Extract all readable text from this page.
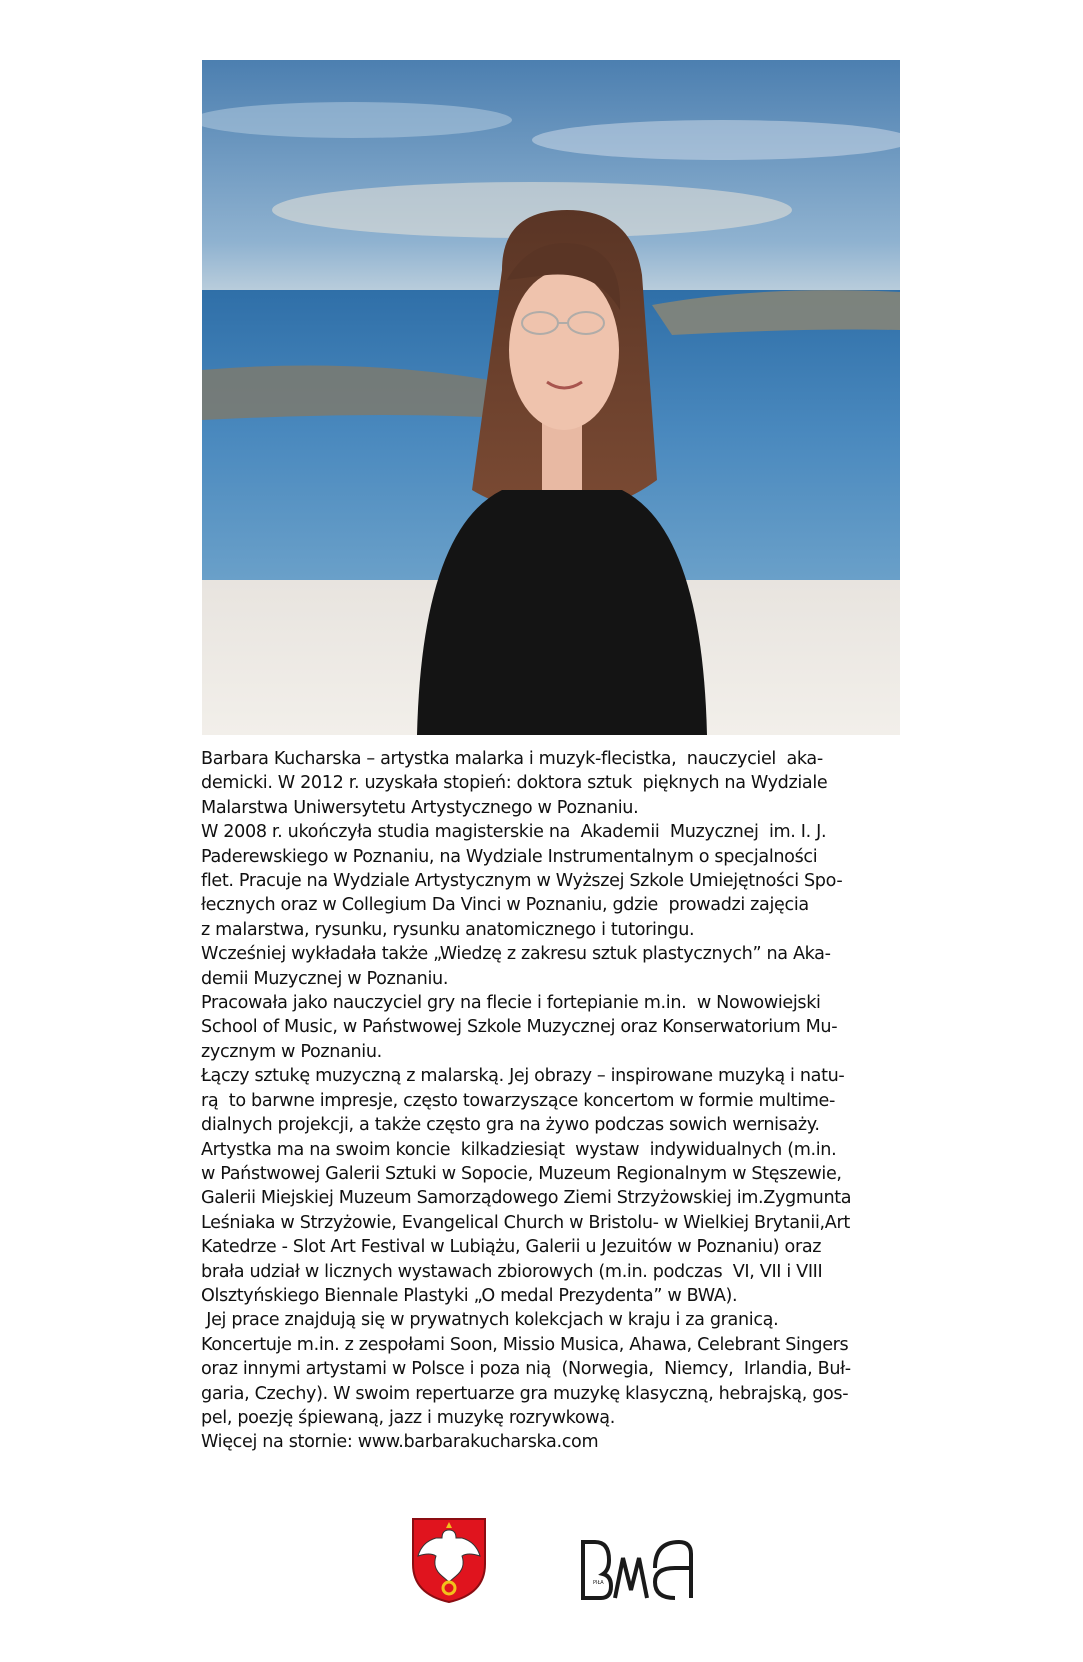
Barbara Kucharska – artystka malarka i muzyk-flecistka,  nauczyciel  aka-
demicki. W 2012 r. uzyskała stopień: doktora sztuk  pięknych na Wydziale
Malarstwa Uniwersytetu Artystycznego w Poznaniu.
W 2008 r. ukończyła studia magisterskie na  Akademii  Muzycznej  im. I. J.
Paderewskiego w Poznaniu, na Wydziale Instrumentalnym o specjalności
flet. Pracuje na Wydziale Artystycznym w Wyższej Szkole Umiejętności Spo-
łecznych oraz w Collegium Da Vinci w Poznaniu, gdzie  prowadzi zajęcia
z malarstwa, rysunku, rysunku anatomicznego i tutoringu.
Wcześniej wykładała także „Wiedzę z zakresu sztuk plastycznych” na Aka-
demii Muzycznej w Poznaniu.
Pracowała jako nauczyciel gry na flecie i fortepianie m.in.  w Nowowiejski
School of Music, w Państwowej Szkole Muzycznej oraz Konserwatorium Mu-
zycznym w Poznaniu.
Łączy sztukę muzyczną z malarską. Jej obrazy – inspirowane muzyką i natu-
rą  to barwne impresje, często towarzyszące koncertom w formie multime-
dialnych projekcji, a także często gra na żywo podczas sowich wernisaży.
Artystka ma na swoim koncie  kilkadziesiąt  wystaw  indywidualnych (m.in.
w Państwowej Galerii Sztuki w Sopocie, Muzeum Regionalnym w Stęszewie,
Galerii Miejskiej Muzeum Samorządowego Ziemi Strzyżowskiej im.Zygmunta
Leśniaka w Strzyżowie, Evangelical Church w Bristolu- w Wielkiej Brytanii,Art
Katedrze - Slot Art Festival w Lubiążu, Galerii u Jezuitów w Poznaniu) oraz
brała udział w licznych wystawach zbiorowych (m.in. podczas  VI, VII i VIII
Olsztyńskiego Biennale Plastyki „O medal Prezydenta” w BWA).
Jej prace znajdują się w prywatnych kolekcjach w kraju i za granicą.
Koncertuje m.in. z zespołami Soon, Missio Musica, Ahawa, Celebrant Singers
oraz innymi artystami w Polsce i poza nią  (Norwegia,  Niemcy,  Irlandia, Buł-
garia, Czechy). W swoim repertuarze gra muzykę klasyczną, hebrajską, gos-
pel, poezję śpiewaną, jazz i muzykę rozrywkową.
Więcej na stornie: www.barbarakucharska.com
PIŁA
